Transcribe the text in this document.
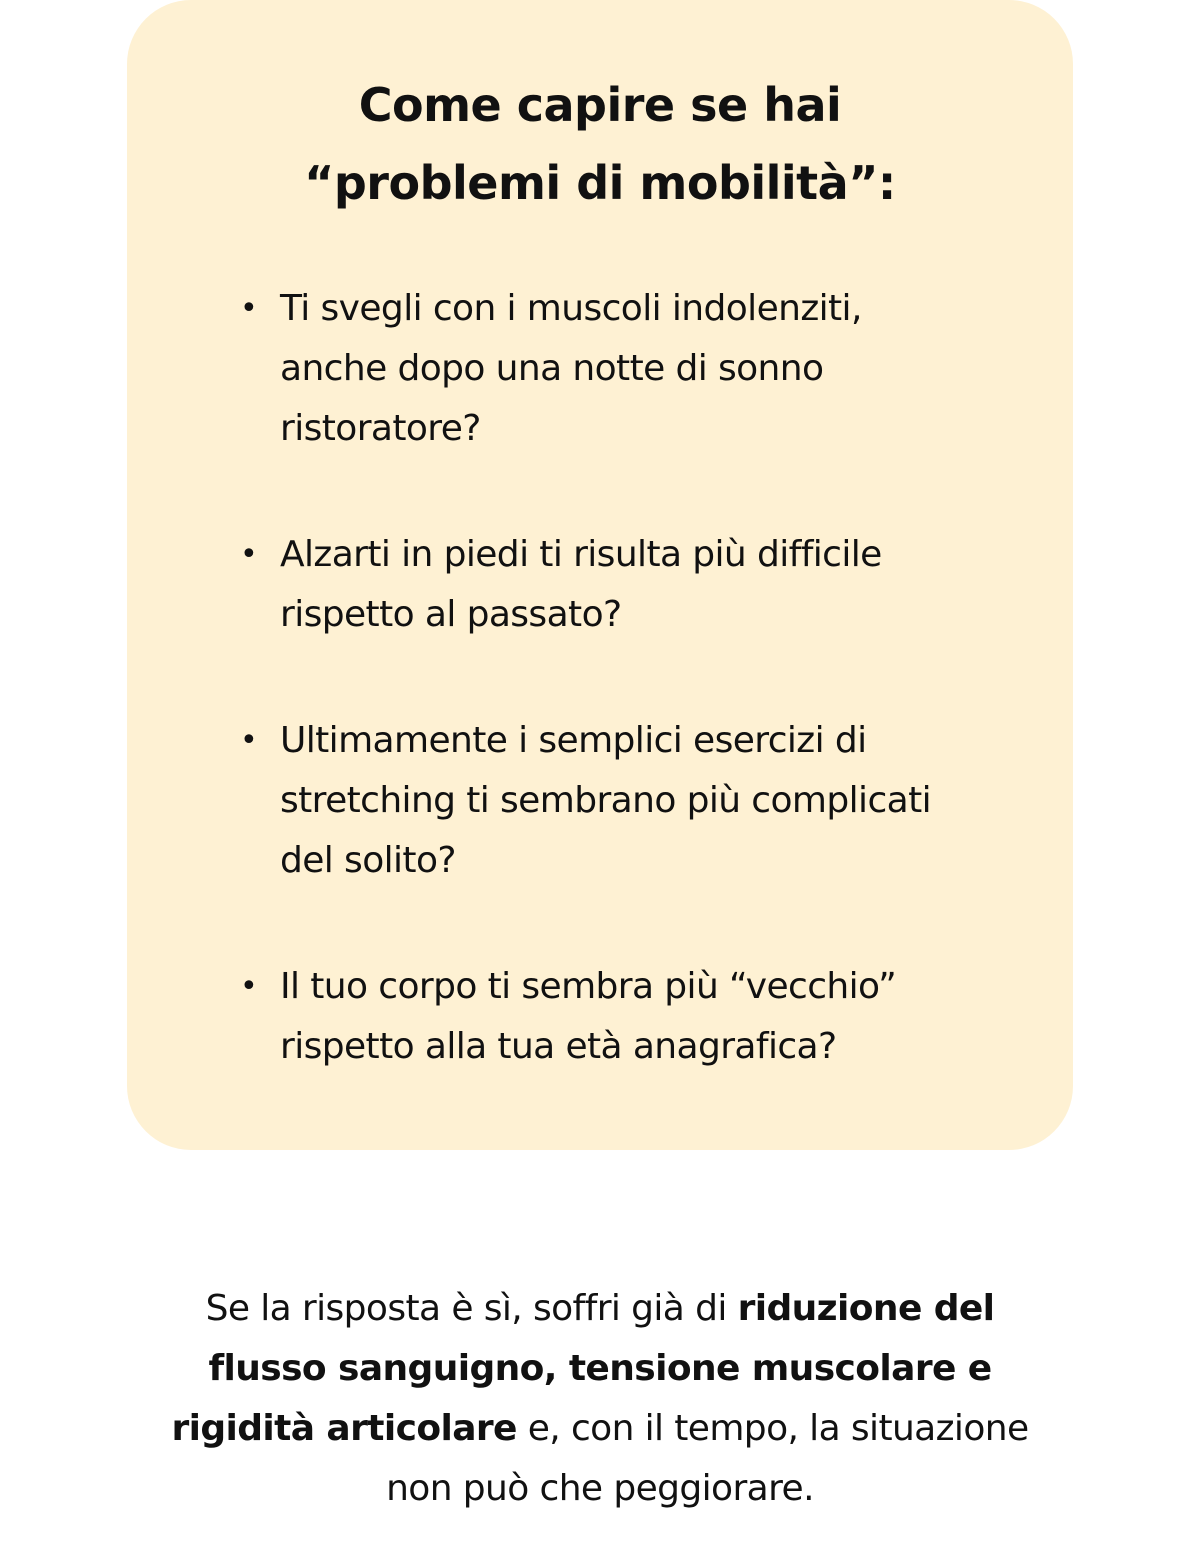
Come capire se hai
“problemi di mobilità”:
• Ti svegli con i muscoli indolenziti,
anche dopo una notte di sonno
ristoratore?
• Alzarti in piedi ti risulta più difficile
rispetto al passato?
• Ultimamente i semplici esercizi di
stretching ti sembrano più complicati
del solito?
• Il tuo corpo ti sembra più “vecchio”
rispetto alla tua età anagrafica?

Se la risposta è sì, soffri già di riduzione del
flusso sanguigno, tensione muscolare e
rigidità articolare e, con il tempo, la situazione
non può che peggiorare.
